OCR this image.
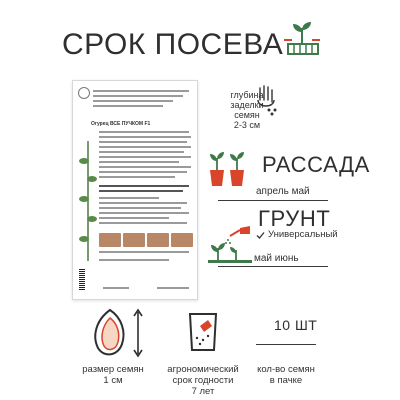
СРОК ПОСЕВА
Огурец ВСЕ ПУЧКОМ F1
глубина
заделки
семян
2-3 см
РАССАДА
апрель май
ГРУНТ
Универсальный
май июнь
10 ШТ
размер семян
1 см
агрономический
срок годности
7 лет
кол-во семян
в пачке
